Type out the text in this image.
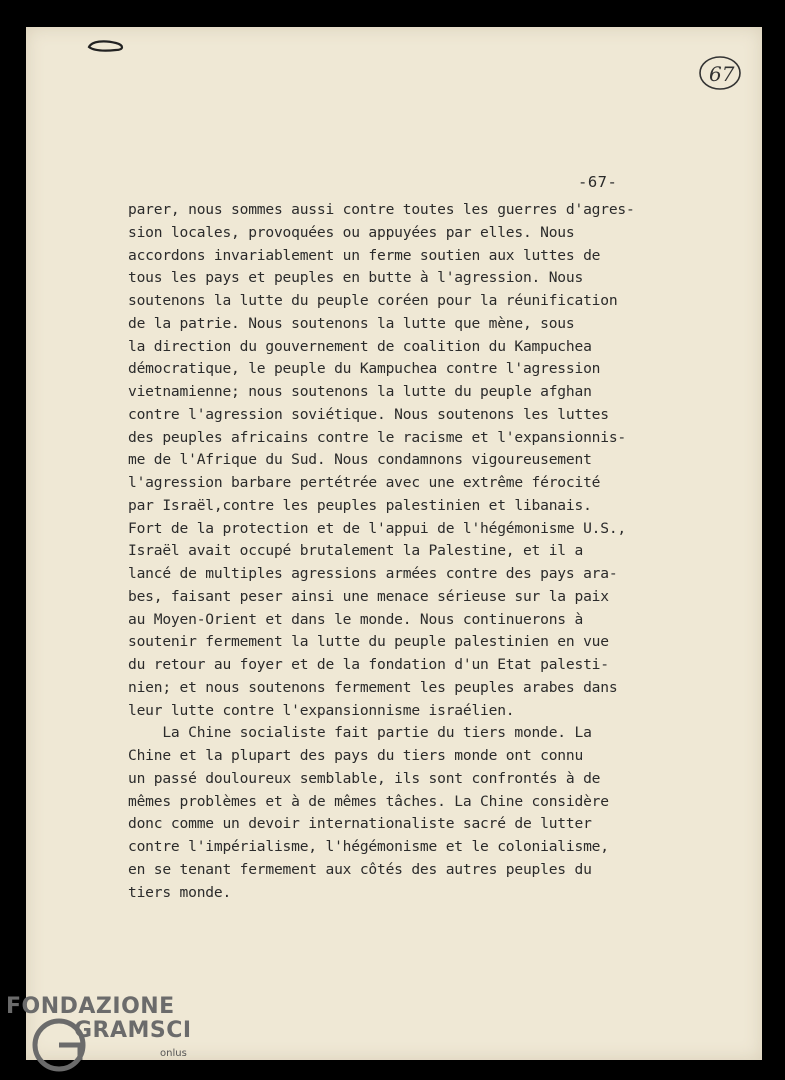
67
-67-
parer, nous sommes aussi contre toutes les guerres d'agres-
sion locales, provoquées ou appuyées par elles. Nous
accordons invariablement un ferme soutien aux luttes de
tous les pays et peuples en butte à l'agression. Nous
soutenons la lutte du peuple coréen pour la réunification
de la patrie. Nous soutenons la lutte que mène, sous
la direction du gouvernement de coalition du Kampuchea
démocratique, le peuple du Kampuchea contre l'agression
vietnamienne; nous soutenons la lutte du peuple afghan
contre l'agression soviétique. Nous soutenons les luttes
des peuples africains contre le racisme et l'expansionnis-
me de l'Afrique du Sud. Nous condamnons vigoureusement
l'agression barbare pertétrée avec une extrême férocité
par Israël,contre les peuples palestinien et libanais.
Fort de la protection et de l'appui de l'hégémonisme U.S.,
Israël avait occupé brutalement la Palestine, et il a
lancé de multiples agressions armées contre des pays ara-
bes, faisant peser ainsi une menace sérieuse sur la paix
au Moyen-Orient et dans le monde. Nous continuerons à
soutenir fermement la lutte du peuple palestinien en vue
du retour au foyer et de la fondation d'un Etat palesti-
nien; et nous soutenons fermement les peuples arabes dans
leur lutte contre l'expansionnisme israélien.
La Chine socialiste fait partie du tiers monde. La
Chine et la plupart des pays du tiers monde ont connu
un passé douloureux semblable, ils sont confrontés à de
mêmes problèmes et à de mêmes tâches. La Chine considère
donc comme un devoir internationaliste sacré de lutter
contre l'impérialisme, l'hégémonisme et le colonialisme,
en se tenant fermement aux côtés des autres peuples du
tiers monde.
FONDAZIONE
GRAMSCI
onlus
